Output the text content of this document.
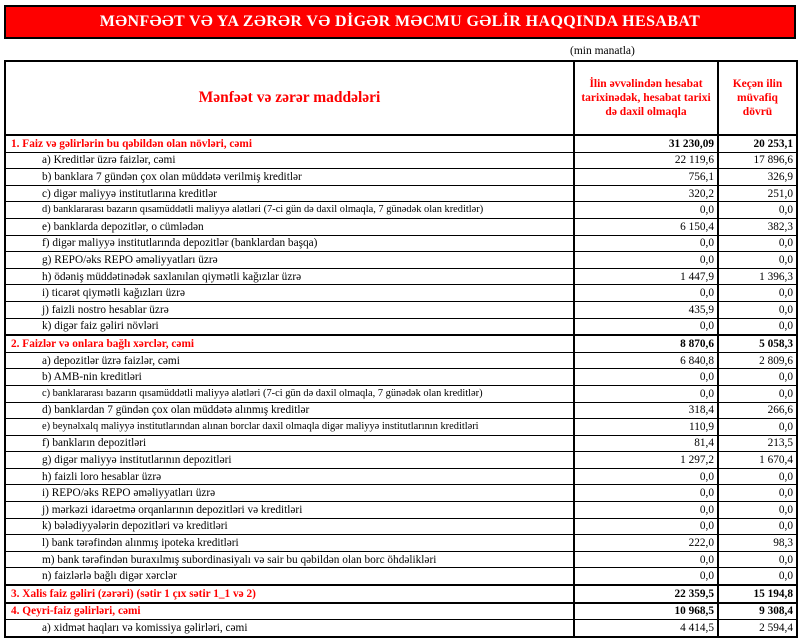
MƏNFƏƏT VƏ YA ZƏRƏR VƏ DİGƏR MƏCMU GƏLİR HAQQINDA HESABAT
(min manatla)
Mənfəət və zərər maddələri	İlin əvvəlindən hesabat tarixinədək, hesabat tarixi də daxil olmaqla	Keçən ilin müvafiq dövrü
1. Faiz və gəlirlərin bu qəbildən olan növləri, cəmi	31 230,09	20 253,1
a) Kreditlər üzrə faizlər, cəmi	22 119,6	17 896,6
b) banklara 7 gündən çox olan müddətə verilmiş kreditlər	756,1	326,9
c) digər maliyyə institutlarına kreditlər	320,2	251,0
d) banklararası bazarın qısamüddətli maliyyə alətləri (7-ci gün də daxil olmaqla, 7 günədək olan kreditlər)	0,0	0,0
e) banklarda depozitlər, o cümlədən	6 150,4	382,3
f) digər maliyyə institutlarında depozitlər (banklardan başqa)	0,0	0,0
g) REPO/əks REPO əməliyyatları üzrə	0,0	0,0
h) ödəniş müddətinədək saxlanılan qiymətli kağızlar üzrə	1 447,9	1 396,3
i) ticarət qiymətli kağızları üzrə	0,0	0,0
j) faizli nostro hesablar üzrə	435,9	0,0
k) digər faiz gəliri növləri	0,0	0,0
2. Faizlər və onlara bağlı xərclər, cəmi	8 870,6	5 058,3
a) depozitlər üzrə faizlər, cəmi	6 840,8	2 809,6
b) AMB-nin kreditləri	0,0	0,0
c) banklararası bazarın qısamüddətli maliyyə alətləri (7-ci gün də daxil olmaqla, 7 günədək olan kreditlər)	0,0	0,0
d) banklardan 7 gündən çox olan müddətə alınmış kreditlər	318,4	266,6
e) beynəlxalq maliyyə institutlarından alınan borclar daxil olmaqla digər maliyyə institutlarının kreditləri	110,9	0,0
f) bankların depozitləri	81,4	213,5
g) digər maliyyə institutlarının depozitləri	1 297,2	1 670,4
h) faizli loro hesablar üzrə	0,0	0,0
i) REPO/əks REPO əməliyyatları üzrə	0,0	0,0
j) mərkəzi idarəetmə orqanlarının depozitləri və kreditləri	0,0	0,0
k) bələdiyyələrin depozitləri və kreditləri	0,0	0,0
l) bank tərəfindən alınmış ipoteka kreditləri	222,0	98,3
m) bank tərəfindən buraxılmış subordinasiyalı və sair bu qəbildən olan borc öhdəlikləri	0,0	0,0
n) faizlərlə bağlı digər xərclər	0,0	0,0
3. Xalis faiz gəliri (zərəri) (sətir 1 çıx sətir 1_1 və 2)	22 359,5	15 194,8
4. Qeyri-faiz gəlirləri, cəmi	10 968,5	9 308,4
a) xidmət haqları və komissiya gəlirləri, cəmi	4 414,5	2 594,4
